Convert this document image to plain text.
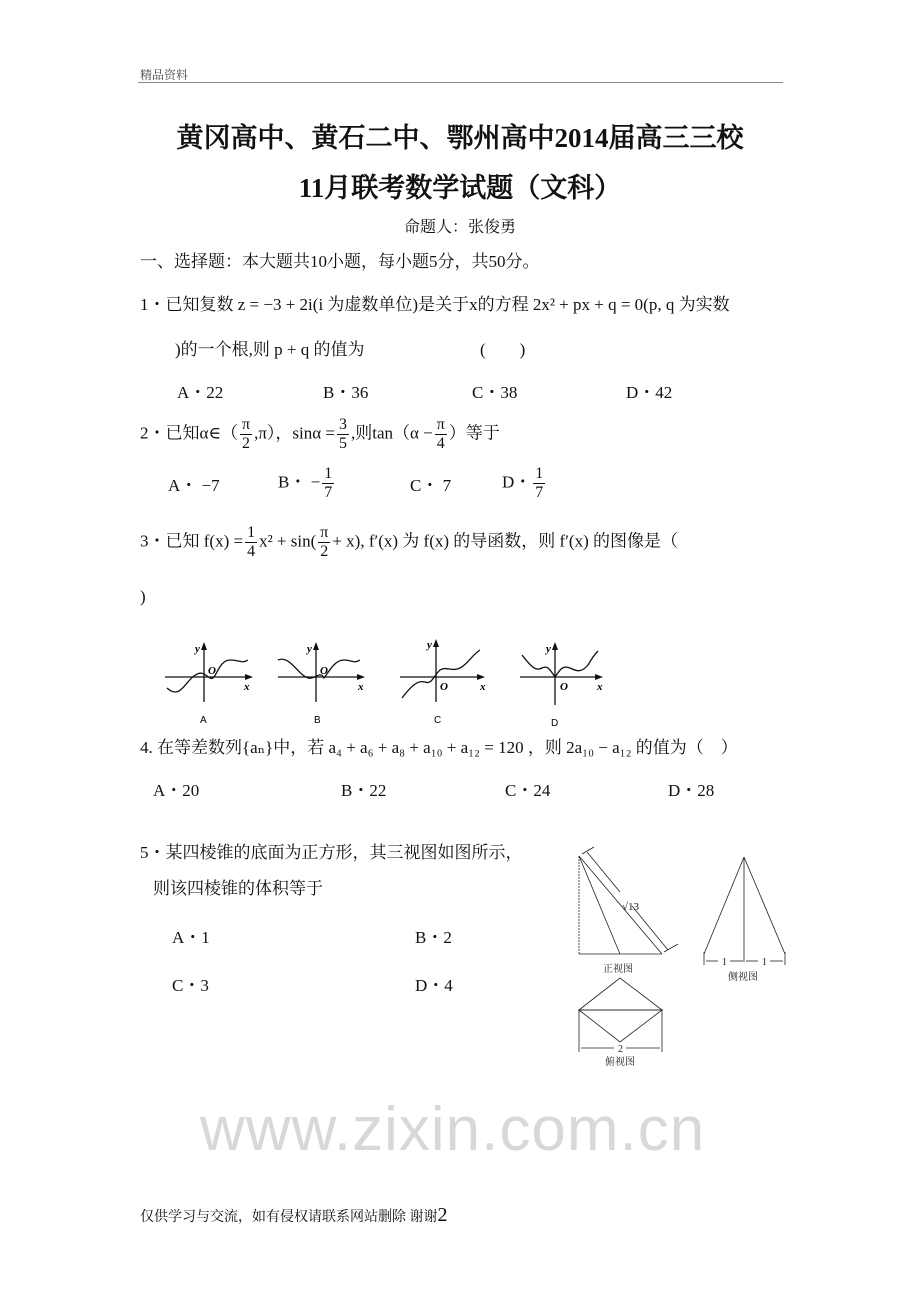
精品资料
黄冈高中、黄石二中、鄂州高中2014届高三三校
11月联考数学试题（文科）
命题人：张俊勇
一、选择题：本大题共10小题，每小题5分，共50分。
1・已知复数 z = −3 + 2i(i 为虚数单位)是关于x的方程 2x² + px + q = 0(p, q 为实数
)的一个根,则 p + q 的值为	(　　)
A・22	B・36	C・38	D・42
2・已知α∈（ $\frac{\pi}{2} ,\pi$），$\sin\alpha = \frac{3}{5}$ ,则$\tan(\alpha - \frac{\pi}{4}$ ）等于
A・ −7	B・ − $\frac{1}{7}$	C・ 7	D・ $\frac{1}{7}$
3・已知 $f(x) = \frac{1}{4} x^2 + \sin( \frac{\pi}{2} + x)$, f′(x) 为 f(x) 的导函数，则 f′(x) 的图像是（
)
y
O
x
y
O
x
y
O	x
y
O	x
A	B	C	D
4. 在等差数列{aₙ}中，若 a₄ + a₆ + a₈ + a₁₀ + a₁₂ = 120 ，则 2a₁₀ − a₁₂ 的值为（　）
A・20	B・22	C・24	D・28
5・某四棱锥的底面为正方形，其三视图如图所示，
则该四棱锥的体积等于
A・1	B・2
C・3	D・4
√13
正视图
1	1
侧视图
2
俯视图
www.zixin.com.cn
仅供学习与交流，如有侵权请联系网站删除 谢谢2
